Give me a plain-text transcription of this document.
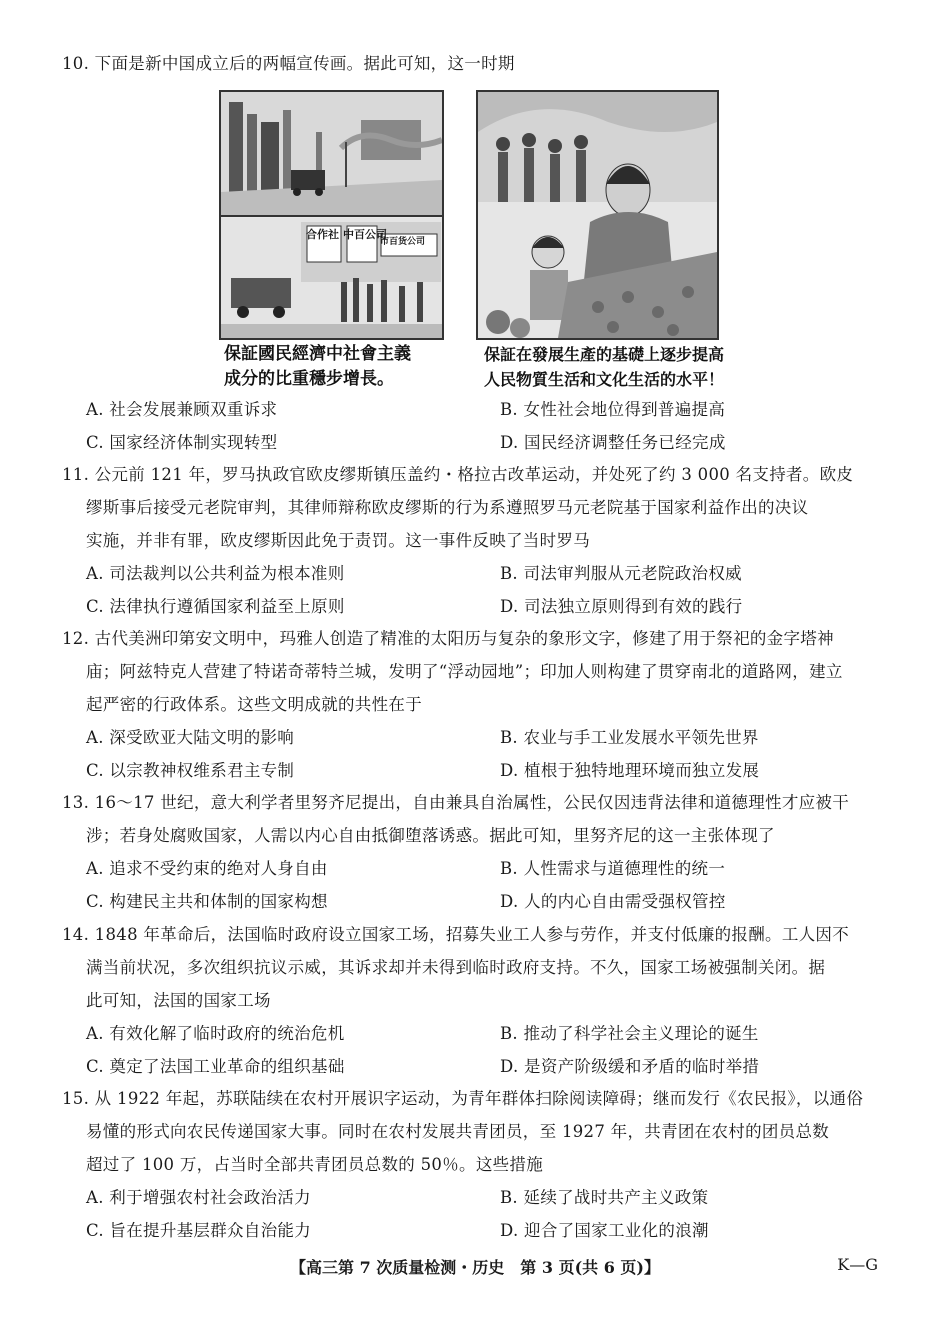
10. 下面是新中国成立后的两幅宣传画。据此可知，这一时期

合作社 中百公司
市百货公司
保証國民經濟中社會主義
成分的比重穩步增長。
保証在發展生產的基礎上逐步提高
人民物質生活和文化生活的水平！
A. 社会发展兼顾双重诉求	B. 女性社会地位得到普遍提高
C. 国家经济体制实现转型	D. 国民经济调整任务已经完成

11. 公元前 121 年，罗马执政官欧皮缪斯镇压盖约・格拉古改革运动，并处死了约 3 000 名支持者。欧皮
缪斯事后接受元老院审判，其律师辩称欧皮缪斯的行为系遵照罗马元老院基于国家利益作出的决议
实施，并非有罪，欧皮缪斯因此免于责罚。这一事件反映了当时罗马

A. 司法裁判以公共利益为根本准则	B. 司法审判服从元老院政治权威
C. 法律执行遵循国家利益至上原则	D. 司法独立原则得到有效的践行

12. 古代美洲印第安文明中，玛雅人创造了精准的太阳历与复杂的象形文字，修建了用于祭祀的金字塔神
庙；阿兹特克人营建了特诺奇蒂特兰城，发明了“浮动园地”；印加人则构建了贯穿南北的道路网，建立
起严密的行政体系。这些文明成就的共性在于

A. 深受欧亚大陆文明的影响	B. 农业与手工业发展水平领先世界
C. 以宗教神权维系君主专制	D. 植根于独特地理环境而独立发展

13. 16～17 世纪，意大利学者里努齐尼提出，自由兼具自治属性，公民仅因违背法律和道德理性才应被干
涉；若身处腐败国家，人需以内心自由抵御堕落诱惑。据此可知，里努齐尼的这一主张体现了

A. 追求不受约束的绝对人身自由	B. 人性需求与道德理性的统一
C. 构建民主共和体制的国家构想	D. 人的内心自由需受强权管控

14. 1848 年革命后，法国临时政府设立国家工场，招募失业工人参与劳作，并支付低廉的报酬。工人因不
满当前状况，多次组织抗议示威，其诉求却并未得到临时政府支持。不久，国家工场被强制关闭。据
此可知，法国的国家工场

A. 有效化解了临时政府的统治危机	B. 推动了科学社会主义理论的诞生
C. 奠定了法国工业革命的组织基础	D. 是资产阶级缓和矛盾的临时举措

15. 从 1922 年起，苏联陆续在农村开展识字运动，为青年群体扫除阅读障碍；继而发行《农民报》，以通俗
易懂的形式向农民传递国家大事。同时在农村发展共青团员，至 1927 年，共青团在农村的团员总数
超过了 100 万，占当时全部共青团员总数的 50％。这些措施

A. 利于增强农村社会政治活力	B. 延续了战时共产主义政策
C. 旨在提升基层群众自治能力	D. 迎合了国家工业化的浪潮
【高三第 7 次质量检测・历史　第 3 页(共 6 页)】	K—G
